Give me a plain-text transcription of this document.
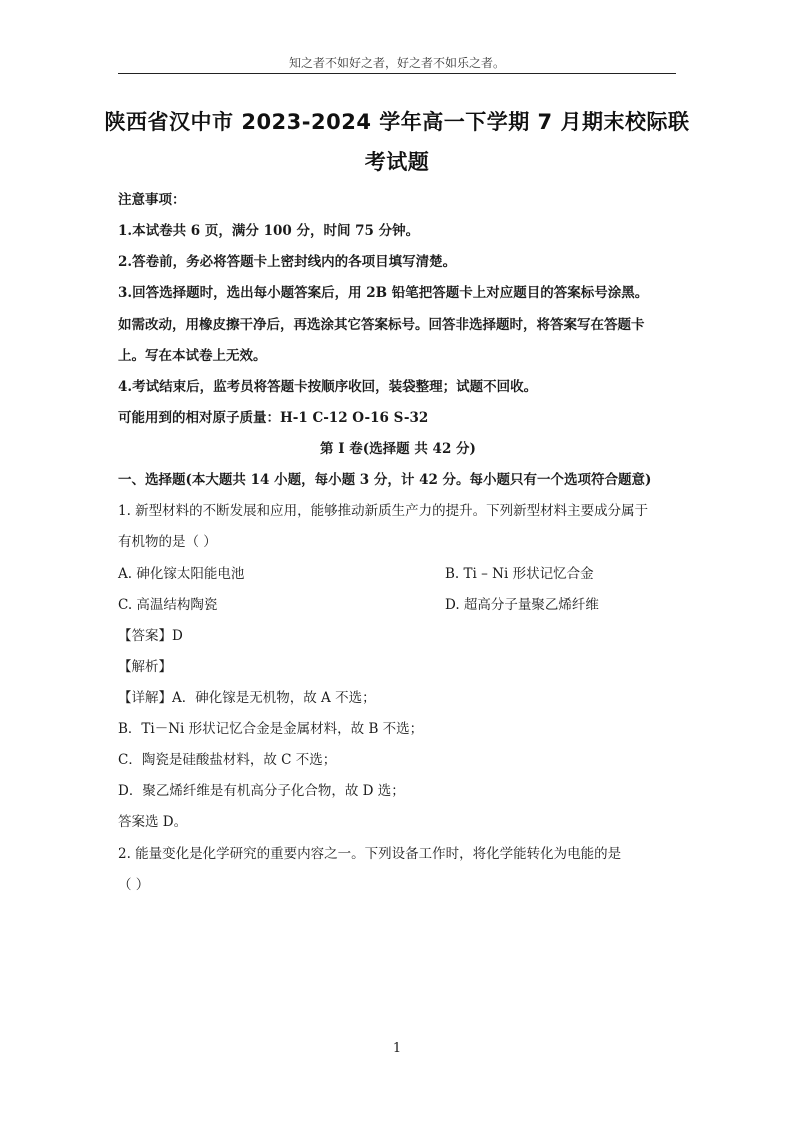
知之者不如好之者，好之者不如乐之者。
陕西省汉中市 2023-2024 学年高一下学期 7 月期末校际联
考试题
注意事项：
1.本试卷共 6 页，满分 100 分，时间 75 分钟。
2.答卷前，务必将答题卡上密封线内的各项目填写清楚。
3.回答选择题时，选出每小题答案后，用 2B 铅笔把答题卡上对应题目的答案标号涂黑。
如需改动，用橡皮擦干净后，再选涂其它答案标号。回答非选择题时，将答案写在答题卡
上。写在本试卷上无效。
4.考试结束后，监考员将答题卡按顺序收回，装袋整理；试题不回收。
可能用到的相对原子质量：H-1 C-12 O-16 S-32
第 I 卷(选择题 共 42 分)
一、选择题(本大题共 14 小题，每小题 3 分，计 42 分。每小题只有一个选项符合题意)
1. 新型材料的不断发展和应用，能够推动新质生产力的提升。下列新型材料主要成分属于
有机物的是（ ）
A. 砷化镓太阳能电池	B. Ti – Ni 形状记忆合金
C. 高温结构陶瓷	D. 超高分子量聚乙烯纤维
【答案】D
【解析】
【详解】A．砷化镓是无机物，故 A 不选；
B．Ti－Ni 形状记忆合金是金属材料，故 B 不选；
C．陶瓷是硅酸盐材料，故 C 不选；
D．聚乙烯纤维是有机高分子化合物，故 D 选；
答案选 D。
2. 能量变化是化学研究的重要内容之一。下列设备工作时，将化学能转化为电能的是
（ ）
1
